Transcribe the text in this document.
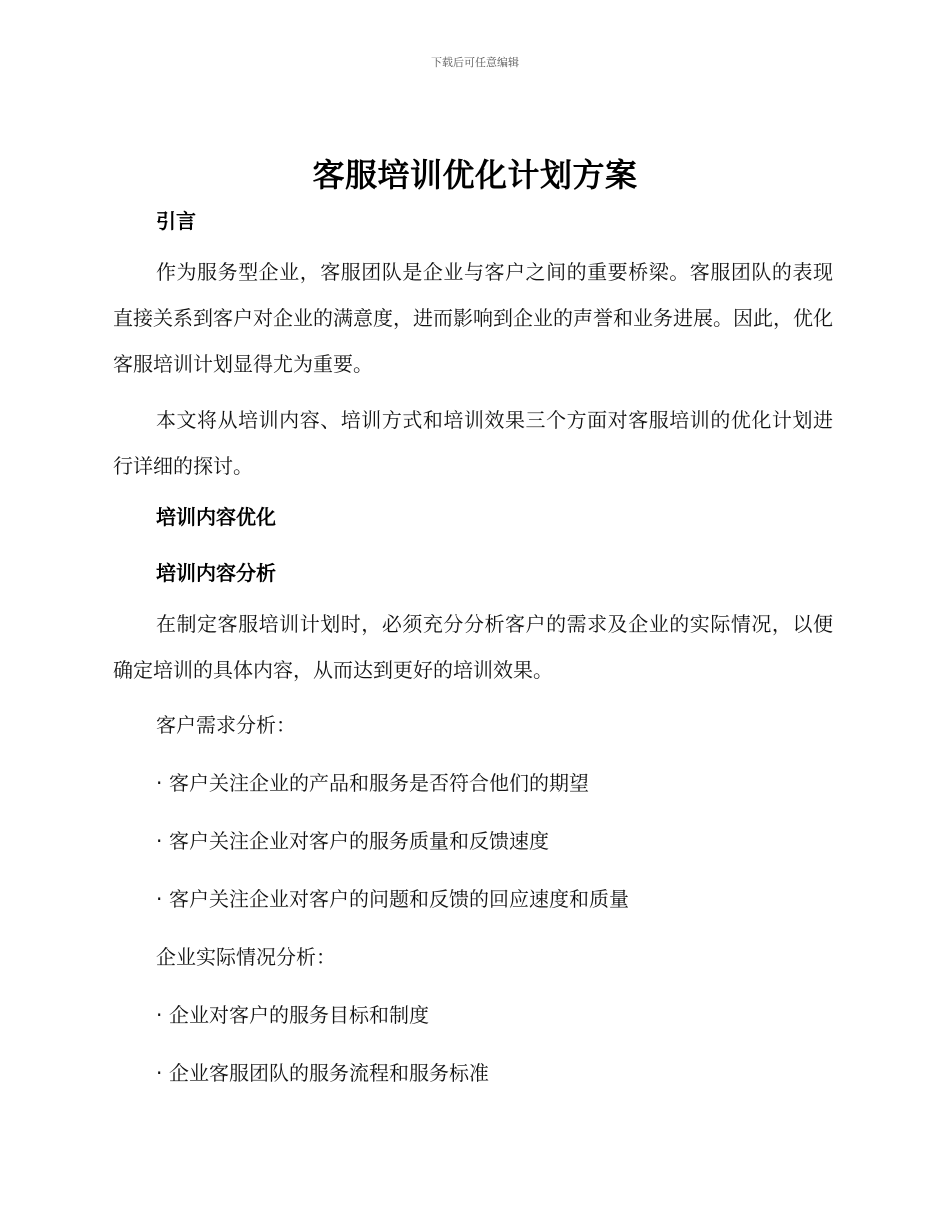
下载后可任意编辑
客服培训优化计划方案
引言

作为服务型企业，客服团队是企业与客户之间的重要桥梁。客服团队的表现直接关系到客户对企业的满意度，进而影响到企业的声誉和业务进展。因此，优化客服培训计划显得尤为重要。

本文将从培训内容、培训方式和培训效果三个方面对客服培训的优化计划进行详细的探讨。

培训内容优化
培训内容分析

在制定客服培训计划时，必须充分分析客户的需求及企业的实际情况，以便确定培训的具体内容，从而达到更好的培训效果。

客户需求分析：
· 客户关注企业的产品和服务是否符合他们的期望
· 客户关注企业对客户的服务质量和反馈速度
· 客户关注企业对客户的问题和反馈的回应速度和质量
企业实际情况分析：
· 企业对客户的服务目标和制度
· 企业客服团队的服务流程和服务标准
